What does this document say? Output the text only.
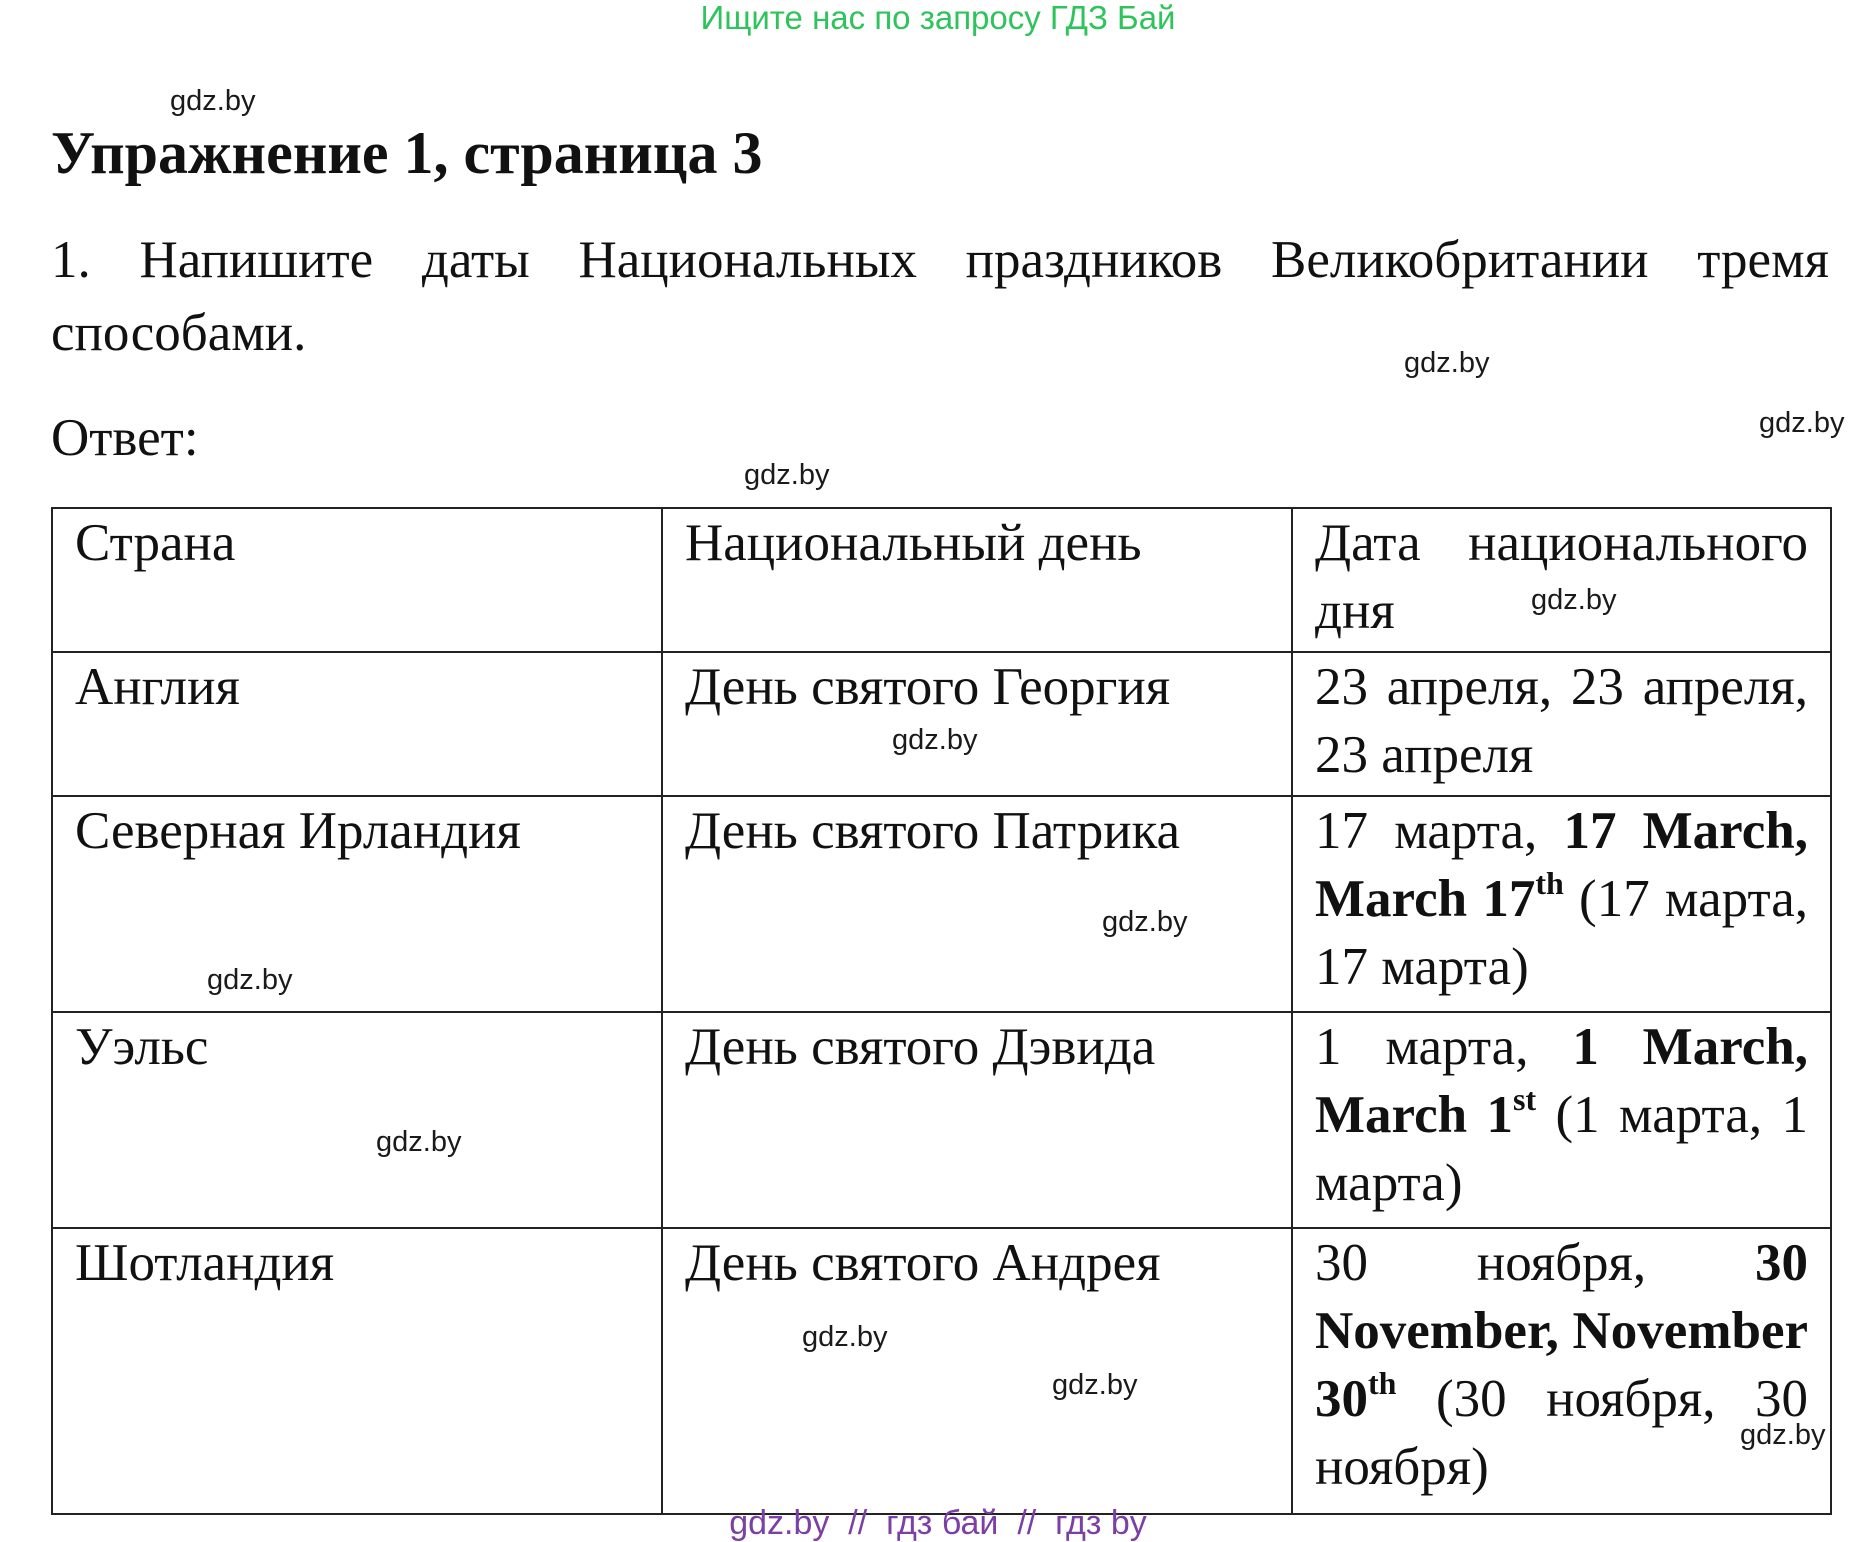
Ищите нас по запросу ГДЗ Бай
Упражнение 1, страница 3

1. Напишите даты Национальных праздников Великобритании тремя способами.

Ответ:

Страна	Национальный день	Дата национального дня
Англия	День святого Георгия	23 апреля, 23 апреля, 23 апреля
Северная Ирландия	День святого Патрика	17 марта, 17 March, March 17th (17 марта, 17 марта)
Уэльс	День святого Дэвида	1 марта, 1 March, March 1st (1 марта, 1 марта)
Шотландия	День святого Андрея	30 ноября, 30 November, November 30th (30 ноября, 30 ноября)
gdz.by
gdz.by
gdz.by
gdz.by
gdz.by
gdz.by
gdz.by
gdz.by
gdz.by
gdz.by
gdz.by
gdz.by
gdz.by  //  гдз бай  //  гдз by
